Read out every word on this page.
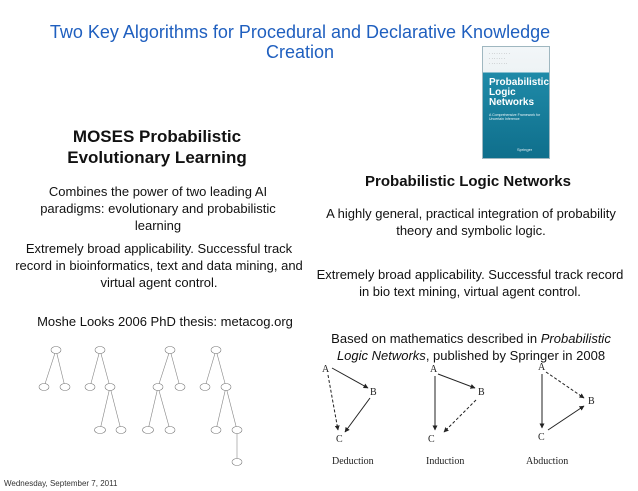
Two Key Algorithms for Procedural and Declarative Knowledge Creation	· · · · · · · · ·
· · · · · · ·
· · · · · · · ·
Probabilistic Logic Networks
A Comprehensive Framework for Uncertain Inference
Springer
MOSES Probabilistic Evolutionary Learning
Combines the power of two leading AI paradigms: evolutionary and probabilistic learning
Extremely broad applicability. Successful track record in bioinformatics, text and data mining, and virtual agent control.
Moshe Looks 2006 PhD thesis: metacog.org
Probabilistic Logic Networks
A highly general, practical integration of probability theory and symbolic logic.
Extremely broad applicability. Successful track record in bio text mining, virtual agent control.
Based on mathematics described in Probabilistic Logic Networks, published by Springer in 2008
A
B
C
Deduction
A
B
C
Induction
A
B
C
Abduction
Wednesday, September 7, 2011
